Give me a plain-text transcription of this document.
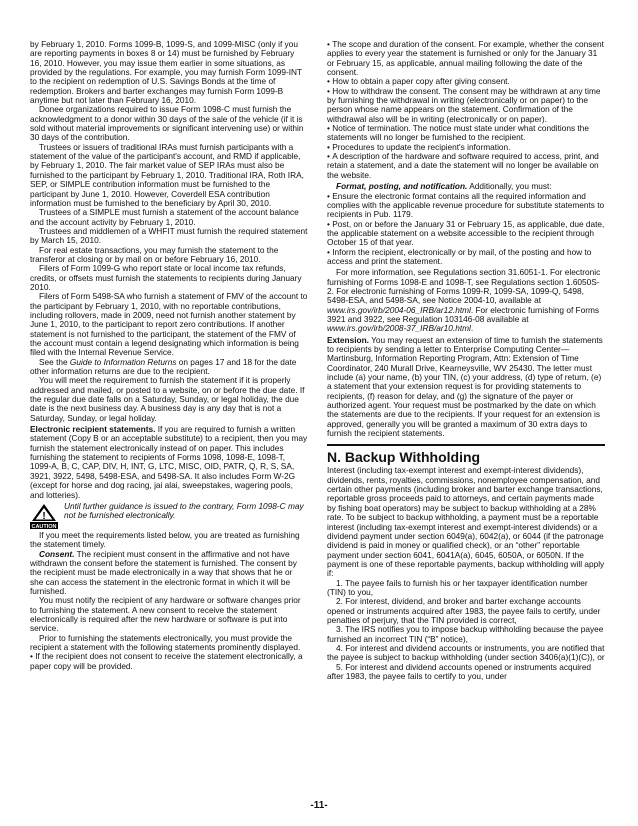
by February 1, 2010. Forms 1099-B, 1099-S, and 1099-MISC (only if you are reporting payments in boxes 8 or 14) must be furnished by February 16, 2010. However, you may issue them earlier in some situations, as provided by the regulations. For example, you may furnish Form 1099-INT to the recipient on redemption of U.S. Savings Bonds at the time of redemption. Brokers and barter exchanges may furnish Form 1099-B anytime but not later than February 16, 2010.

Donee organizations required to issue Form 1098-C must furnish the acknowledgment to a donor within 30 days of the sale of the vehicle (if it is sold without material improvements or significant intervening use) or within 30 days of the contribution.

Trustees or issuers of traditional IRAs must furnish participants with a statement of the value of the participant's account, and RMD if applicable, by February 1, 2010. The fair market value of SEP IRAs must also be furnished to the participant by February 1, 2010. Traditional IRA, Roth IRA, SEP, or SIMPLE contribution information must be furnished to the participant by June 1, 2010. However, Coverdell ESA contribution information must be furnished to the beneficiary by April 30, 2010.

Trustees of a SIMPLE must furnish a statement of the account balance and the account activity by February 1, 2010.

Trustees and middlemen of a WHFIT must furnish the required statement by March 15, 2010.

For real estate transactions, you may furnish the statement to the transferor at closing or by mail on or before February 16, 2010.

Filers of Form 1099-G who report state or local income tax refunds, credits, or offsets must furnish the statements to recipients during January 2010.

Filers of Form 5498-SA who furnish a statement of FMV of the account to the participant by February 1, 2010, with no reportable contributions, including rollovers, made in 2009, need not furnish another statement by June 1, 2010, to the participant to report zero contributions. If another statement is not furnished to the participant, the statement of the FMV of the account must contain a legend designating which information is being filed with the Internal Revenue Service.

See the Guide to Information Returns on pages 17 and 18 for the date other information returns are due to the recipient.

You will meet the requirement to furnish the statement if it is properly addressed and mailed, or posted to a website, on or before the due date. If the regular due date falls on a Saturday, Sunday, or legal holiday, the due date is the next business day. A business day is any day that is not a Saturday, Sunday, or legal holiday.

Electronic recipient statements. If you are required to furnish a written statement (Copy B or an acceptable substitute) to a recipient, then you may furnish the statement electronically instead of on paper. This includes furnishing the statement to recipients of Forms 1098, 1098-E, 1098-T, 1099-A, B, C, CAP, DIV, H, INT, G, LTC, MISC, OID, PATR, Q, R, S, SA, 3921, 3922, 5498, 5498-ESA, and 5498-SA. It also includes Form W-2G (except for horse and dog racing, jai alai, sweepstakes, wagering pools, and lotteries).

!
CAUTION
Until further guidance is issued to the contrary, Form 1098-C may not be furnished electronically.

If you meet the requirements listed below, you are treated as furnishing the statement timely.

Consent. The recipient must consent in the affirmative and not have withdrawn the consent before the statement is furnished. The consent by the recipient must be made electronically in a way that shows that he or she can access the statement in the electronic format in which it will be furnished.

You must notify the recipient of any hardware or software changes prior to furnishing the statement. A new consent to receive the statement electronically is required after the new hardware or software is put into service.

Prior to furnishing the statements electronically, you must provide the recipient a statement with the following statements prominently displayed.

• If the recipient does not consent to receive the statement electronically, a paper copy will be provided.

• The scope and duration of the consent. For example, whether the consent applies to every year the statement is furnished or only for the January 31 or February 15, as applicable, annual mailing following the date of the consent.

• How to obtain a paper copy after giving consent.

• How to withdraw the consent. The consent may be withdrawn at any time by furnishing the withdrawal in writing (electronically or on paper) to the person whose name appears on the statement. Confirmation of the withdrawal also will be in writing (electronically or on paper).

• Notice of termination. The notice must state under what conditions the statements will no longer be furnished to the recipient.

• Procedures to update the recipient's information.

• A description of the hardware and software required to access, print, and retain a statement, and a date the statement will no longer be available on the website.

Format, posting, and notification. Additionally, you must:

• Ensure the electronic format contains all the required information and complies with the applicable revenue procedure for substitute statements to recipients in Pub. 1179.

• Post, on or before the January 31 or February 15, as applicable, due date, the applicable statement on a website accessible to the recipient through October 15 of that year.

• Inform the recipient, electronically or by mail, of the posting and how to access and print the statement.

For more information, see Regulations section 31.6051-1. For electronic furnishing of Forms 1098-E and 1098-T, see Regulations section 1.6050S-2. For electronic furnishing of Forms 1099-R, 1099-SA, 1099-Q, 5498, 5498-ESA, and 5498-SA, see Notice 2004-10, available at www.irs.gov/irb/2004-06_IRB/ar12.html. For electronic furnishing of Forms 3921 and 3922, see Regulation 103146-08 available at www.irs.gov/irb/2008-37_IRB/ar10.html.

Extension. You may request an extension of time to furnish the statements to recipients by sending a letter to Enterprise Computing Center—Martinsburg, Information Reporting Program, Attn: Extension of Time Coordinator, 240 Murall Drive, Kearneysville, WV 25430. The letter must include (a) your name, (b) your TIN, (c) your address, (d) type of return, (e) a statement that your extension request is for providing statements to recipients, (f) reason for delay, and (g) the signature of the payer or authorized agent. Your request must be postmarked by the date on which the statements are due to the recipients. If your request for an extension is approved, generally you will be granted a maximum of 30 extra days to furnish the recipient statements.

N. Backup Withholding

Interest (including tax-exempt interest and exempt-interest dividends), dividends, rents, royalties, commissions, nonemployee compensation, and certain other payments (including broker and barter exchange transactions, reportable gross proceeds paid to attorneys, and certain payments made by fishing boat operators) may be subject to backup withholding at a 28% rate. To be subject to backup withholding, a payment must be a reportable interest (including tax-exempt interest and exempt-interest dividends) or a dividend payment under section 6049(a), 6042(a), or 6044 (if the patronage dividend is paid in money or qualified check), or an “other” reportable payment under section 6041, 6041A(a), 6045, 6050A, or 6050N. If the payment is one of these reportable payments, backup withholding will apply if:

1. The payee fails to furnish his or her taxpayer identification number (TIN) to you,

2. For interest, dividend, and broker and barter exchange accounts opened or instruments acquired after 1983, the payee fails to certify, under penalties of perjury, that the TIN provided is correct,

3. The IRS notifies you to impose backup withholding because the payee furnished an incorrect TIN (“B” notice),

4. For interest and dividend accounts or instruments, you are notified that the payee is subject to backup withholding (under section 3406(a)(1)(C)), or

5. For interest and dividend accounts opened or instruments acquired after 1983, the payee fails to certify to you, under

-11-
